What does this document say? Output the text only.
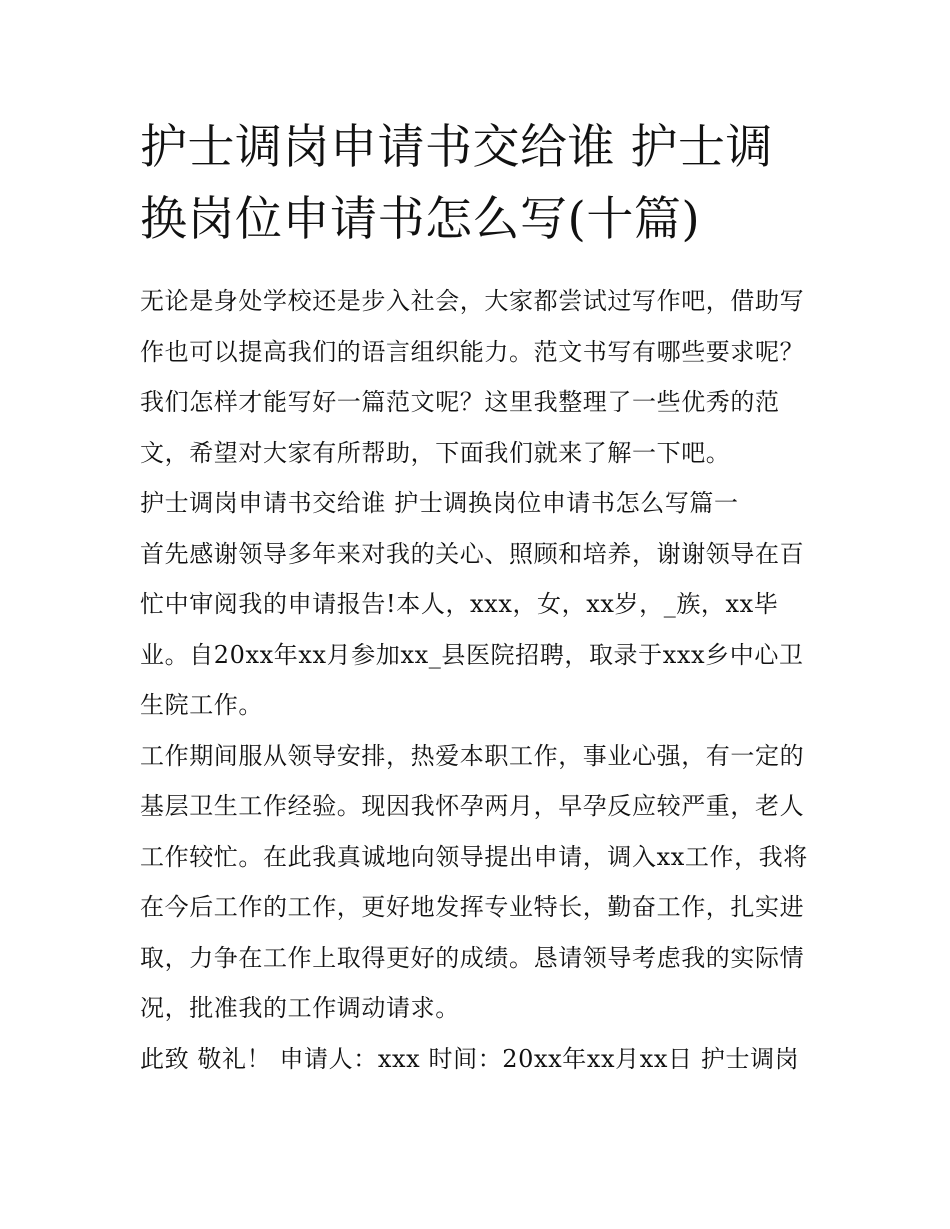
护士调岗申请书交给谁 护士调换岗位申请书怎么写(十篇)

无论是身处学校还是步入社会，大家都尝试过写作吧，借助写作也可以提高我们的语言组织能力。范文书写有哪些要求呢？我们怎样才能写好一篇范文呢？这里我整理了一些优秀的范文，希望对大家有所帮助，下面我们就来了解一下吧。

护士调岗申请书交给谁 护士调换岗位申请书怎么写篇一

首先感谢领导多年来对我的关心、照顾和培养，谢谢领导在百忙中审阅我的申请报告!本人，xxx，女，xx岁，_族，xx毕业。自20xx年xx月参加xx_县医院招聘，取录于xxx乡中心卫生院工作。

工作期间服从领导安排，热爱本职工作，事业心强，有一定的基层卫生工作经验。现因我怀孕两月，早孕反应较严重，老人工作较忙。在此我真诚地向领导提出申请，调入xx工作，我将在今后工作的工作，更好地发挥专业特长，勤奋工作，扎实进取，力争在工作上取得更好的成绩。恳请领导考虑我的实际情况，批准我的工作调动请求。

此致 敬礼！ 申请人：xxx 时间：20xx年xx月xx日 护士调岗
